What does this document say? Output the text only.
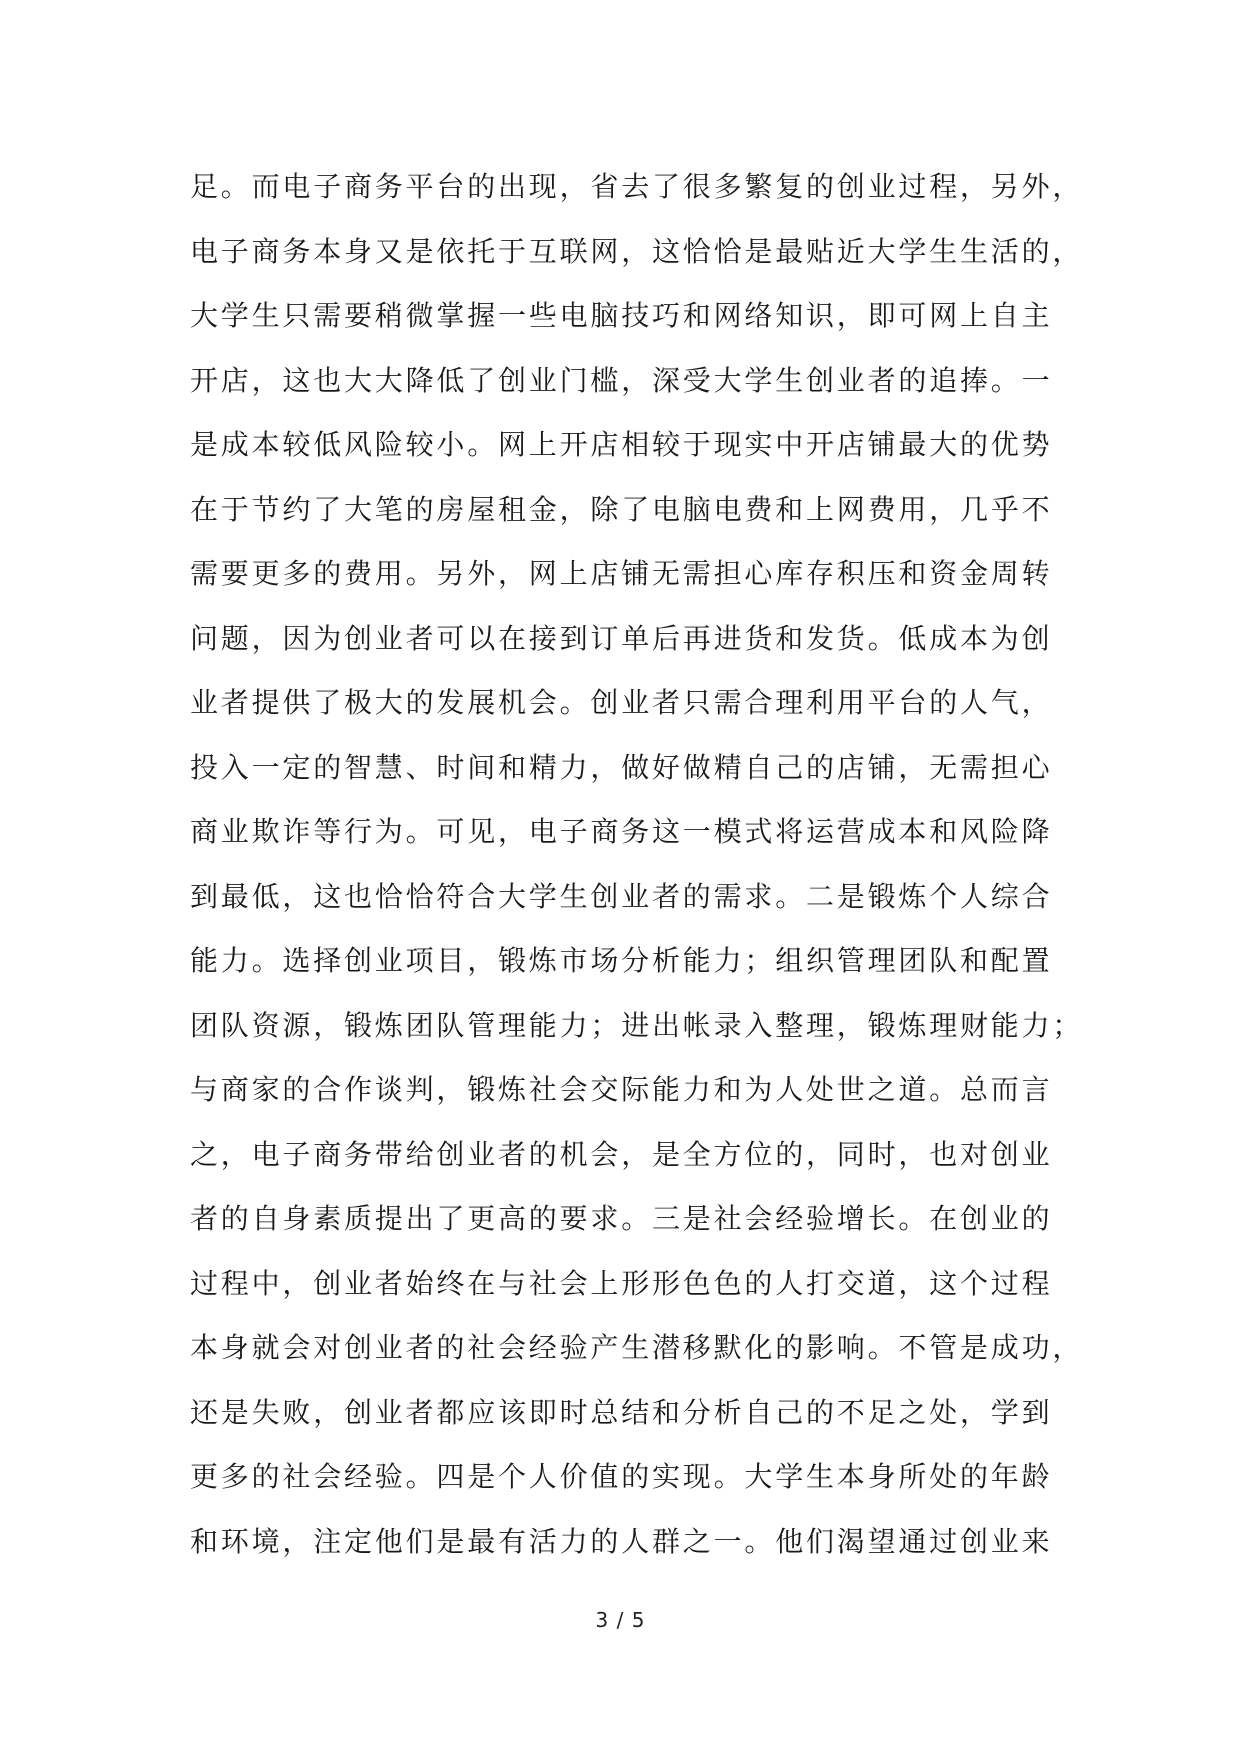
足。而电子商务平台的出现，省去了很多繁复的创业过程，另外，
电子商务本身又是依托于互联网，这恰恰是最贴近大学生生活的，
大学生只需要稍微掌握一些电脑技巧和网络知识，即可网上自主
开店，这也大大降低了创业门槛，深受大学生创业者的追捧。一
是成本较低风险较小。网上开店相较于现实中开店铺最大的优势
在于节约了大笔的房屋租金，除了电脑电费和上网费用，几乎不
需要更多的费用。另外，网上店铺无需担心库存积压和资金周转
问题，因为创业者可以在接到订单后再进货和发货。低成本为创
业者提供了极大的发展机会。创业者只需合理利用平台的人气，
投入一定的智慧、时间和精力，做好做精自己的店铺，无需担心
商业欺诈等行为。可见，电子商务这一模式将运营成本和风险降
到最低，这也恰恰符合大学生创业者的需求。二是锻炼个人综合
能力。选择创业项目，锻炼市场分析能力；组织管理团队和配置
团队资源，锻炼团队管理能力；进出帐录入整理，锻炼理财能力；
与商家的合作谈判，锻炼社会交际能力和为人处世之道。总而言
之，电子商务带给创业者的机会，是全方位的，同时，也对创业
者的自身素质提出了更高的要求。三是社会经验增长。在创业的
过程中，创业者始终在与社会上形形色色的人打交道，这个过程
本身就会对创业者的社会经验产生潜移默化的影响。不管是成功，
还是失败，创业者都应该即时总结和分析自己的不足之处，学到
更多的社会经验。四是个人价值的实现。大学生本身所处的年龄
和环境，注定他们是最有活力的人群之一。他们渴望通过创业来
3 / 5
